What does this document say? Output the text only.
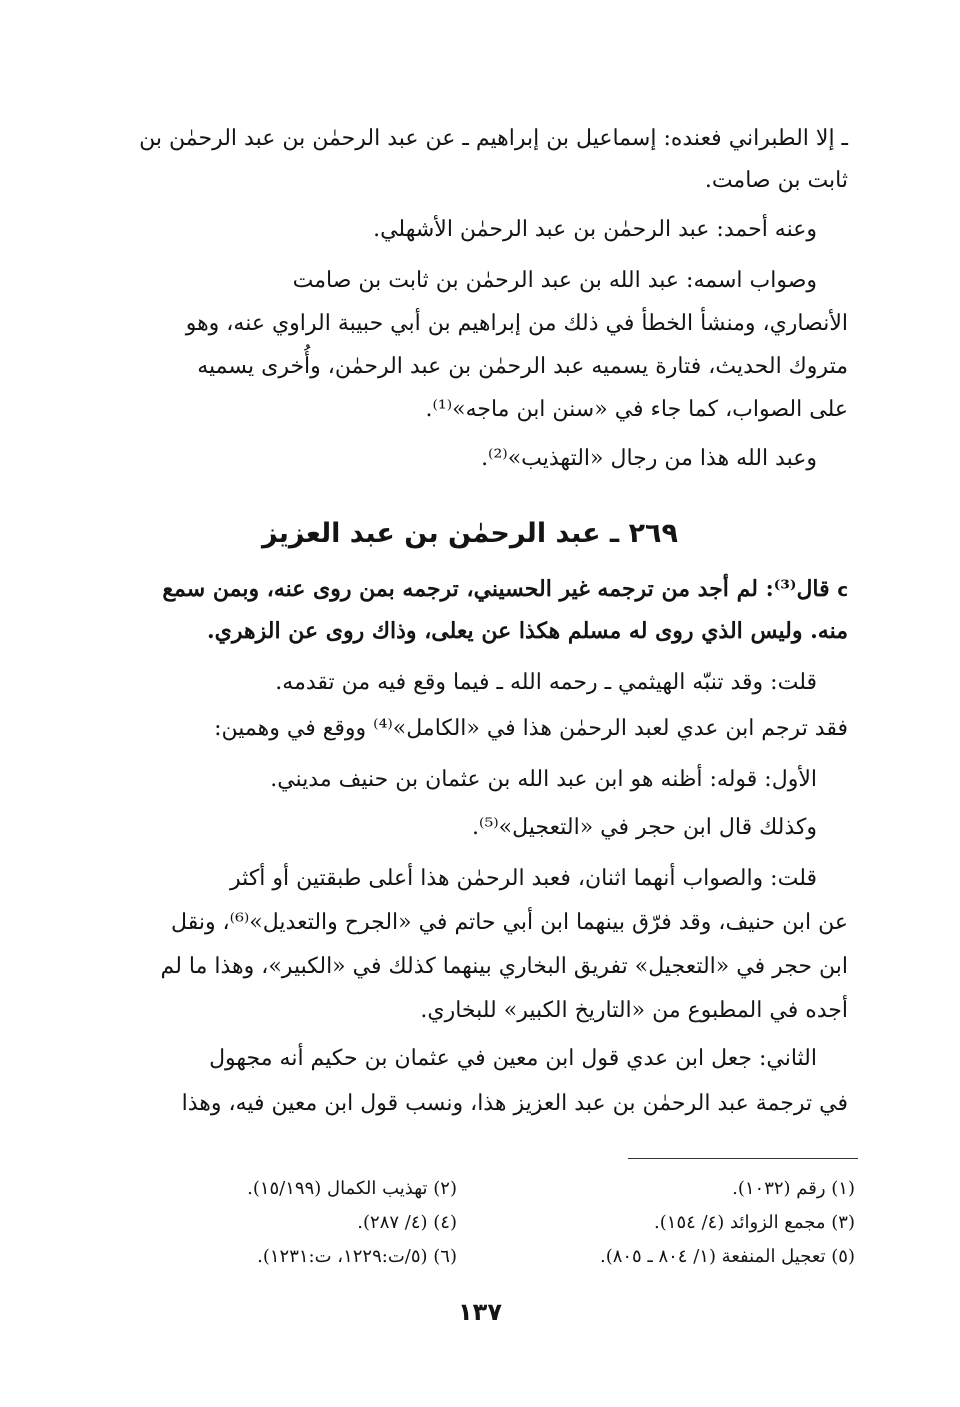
ـ إلا الطبراني فعنده: إسماعيل بن إبراهيم ـ عن عبد الرحمٰن بن عبد الرحمٰن بن
ثابت بن صامت.
وعنه أحمد: عبد الرحمٰن بن عبد الرحمٰن الأشهلي.
وصواب اسمه: عبد الله بن عبد الرحمٰن بن ثابت بن صامت
الأنصاري، ومنشأ الخطأ في ذلك من إبراهيم بن أبي حبيبة الراوي عنه، وهو
متروك الحديث، فتارة يسميه عبد الرحمٰن بن عبد الرحمٰن، وأُخرى يسميه
على الصواب، كما جاء في «سنن ابن ماجه»⁽¹⁾.
وعبد الله هذا من رجال «التهذيب»⁽²⁾.
٢٦٩ ـ عبد الرحمٰن بن عبد العزيز
c قال⁽³⁾: لم أجد من ترجمه غير الحسيني، ترجمه بمن روى عنه، وبمن سمع
منه. وليس الذي روى له مسلم هكذا عن يعلى، وذاك روى عن الزهري.
قلت: وقد تنبّه الهيثمي ـ رحمه الله ـ فيما وقع فيه من تقدمه.
فقد ترجم ابن عدي لعبد الرحمٰن هذا في «الكامل»⁽⁴⁾ ووقع في وهمين:
الأول: قوله: أظنه هو ابن عبد الله بن عثمان بن حنيف مديني.
وكذلك قال ابن حجر في «التعجيل»⁽⁵⁾.
قلت: والصواب أنهما اثنان، فعبد الرحمٰن هذا أعلى طبقتين أو أكثر
عن ابن حنيف، وقد فرّق بينهما ابن أبي حاتم في «الجرح والتعديل»⁽⁶⁾، ونقل
ابن حجر في «التعجيل» تفريق البخاري بينهما كذلك في «الكبير»، وهذا ما لم
أجده في المطبوع من «التاريخ الكبير» للبخاري.
الثاني: جعل ابن عدي قول ابن معين في عثمان بن حكيم أنه مجهول
في ترجمة عبد الرحمٰن بن عبد العزيز هذا، ونسب قول ابن معين فيه، وهذا
(١) رقم (١٠٣٢).
(٢) تهذيب الكمال (١٥/١٩٩).
(٣) مجمع الزوائد (٤/ ١٥٤).
(٤) (٤/ ٢٨٧).
(٥) تعجيل المنفعة (١/ ٨٠٤ ـ ٨٠٥).
(٦) (٥/ت:١٢٢٩، ت:١٢٣١).
١٣٧
